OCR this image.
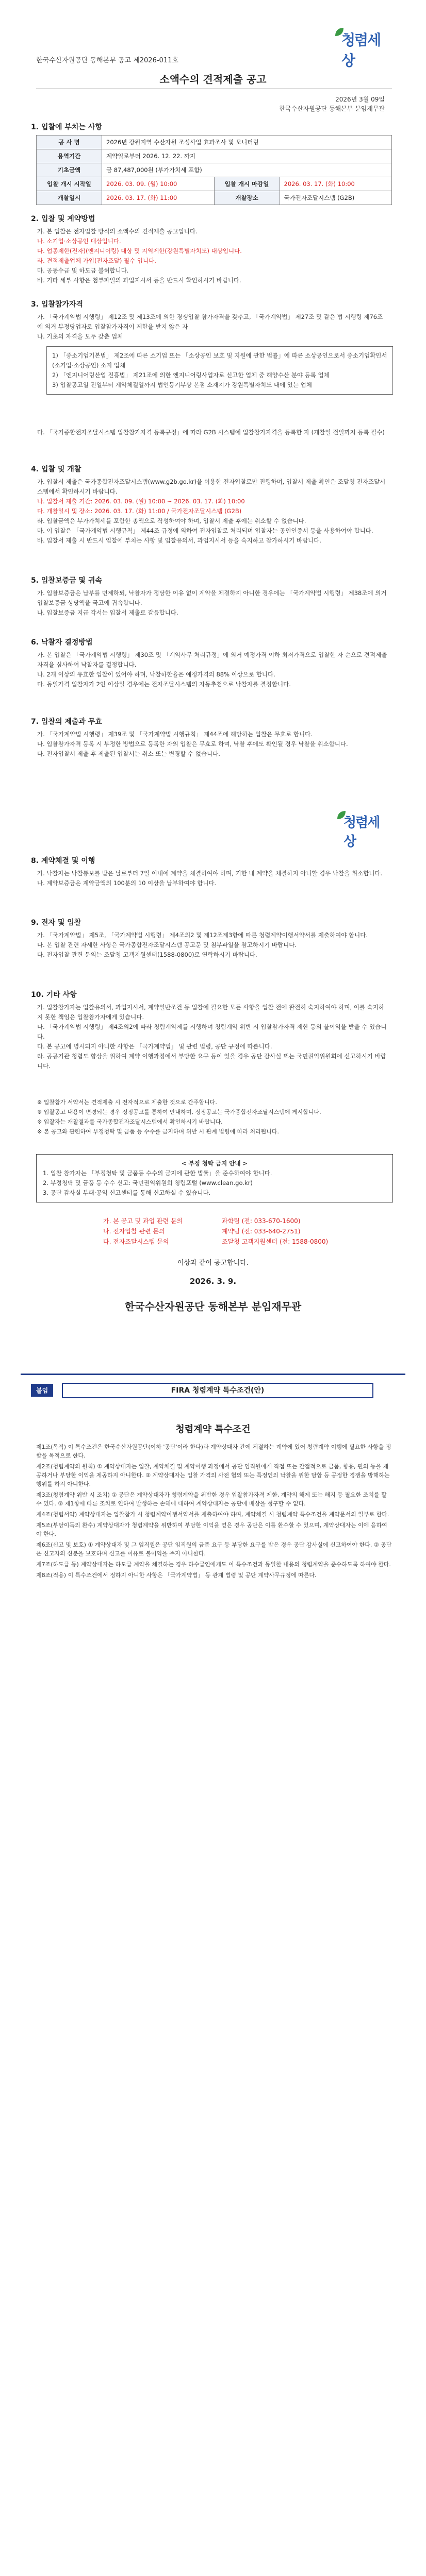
청렴세상
한국수산자원공단 동해본부 공고 제2026-011호
소액수의 견적제출 공고
2026년 3월 09일
한국수산자원공단 동해본부 분임재무관
1. 입찰에 부치는 사항
공 사 명	2026년 강원지역 수산자원 조성사업 효과조사 및 모니터링		
용역기간	계약일로부터 2026. 12. 22. 까지		
기초금액	금 87,487,000원 (부가가치세 포함)		
입찰 개시 시작일	2026. 03. 09. (월) 10:00	입찰 개시 마감일	2026. 03. 17. (화) 10:00
개찰일시	2026. 03. 17. (화) 11:00	개찰장소	국가전자조달시스템 (G2B)
2. 입찰 및 계약방법

가. 본 입찰은 전자입찰 방식의 소액수의 견적제출 공고입니다.

나. 소기업·소상공인 대상입니다.

다. 업종제한(전자)(엔지니어링) 대상 및 지역제한(강원특별자치도) 대상입니다.

라. 견적제출업체 가입(전자조달) 필수 입니다.

마. 공동수급 및 하도급 불허합니다.

바. 기타 세부 사항은 첨부파일의 과업지시서 등을 반드시 확인하시기 바랍니다.

3. 입찰참가자격

가. 「국가계약법 시행령」 제12조 및 제13조에 의한 경쟁입찰 참가자격을 갖추고, 「국가계약법」 제27조 및 같은 법 시행령 제76조에 의거 부정당업자로 입찰참가자격이 제한을 받지 않은 자

나. 기초의 자격을 모두 갖춘 업체

1) 「중소기업기본법」 제2조에 따른 소기업 또는 「소상공인 보호 및 지원에 관한 법률」에 따른 소상공인으로서 중소기업확인서(소기업·소상공인) 소지 업체

2) 「엔지니어링산업 진흥법」 제21조에 의한 엔지니어링사업자로 신고한 업체 중 해양수산 분야 등록 업체

3) 입찰공고일 전일부터 계약체결일까지 법인등기부상 본점 소재지가 강원특별자치도 내에 있는 업체

다. 「국가종합전자조달시스템 입찰참가자격 등록규정」에 따라 G2B 시스템에 입찰참가자격을 등록한 자 (개찰일 전일까지 등록 필수)

4. 입찰 및 개찰

가. 입찰서 제출은 국가종합전자조달시스템(www.g2b.go.kr)을 이용한 전자입찰로만 진행하며, 입찰서 제출 확인은 조달청 전자조달시스템에서 확인하시기 바랍니다.

나. 입찰서 제출 기간: 2026. 03. 09. (월) 10:00 ~ 2026. 03. 17. (화) 10:00

다. 개찰일시 및 장소: 2026. 03. 17. (화) 11:00 / 국가전자조달시스템 (G2B)

라. 입찰금액은 부가가치세를 포함한 총액으로 작성하여야 하며, 입찰서 제출 후에는 취소할 수 없습니다.

마. 이 입찰은 「국가계약법 시행규칙」 제44조 규정에 의하여 전자입찰로 처리되며 입찰자는 공인인증서 등을 사용하여야 합니다.

바. 입찰서 제출 시 반드시 입찰에 부치는 사항 및 입찰유의서, 과업지시서 등을 숙지하고 참가하시기 바랍니다.

5. 입찰보증금 및 귀속

가. 입찰보증금은 납부를 면제하되, 낙찰자가 정당한 이유 없이 계약을 체결하지 아니한 경우에는 「국가계약법 시행령」 제38조에 의거 입찰보증금 상당액을 국고에 귀속합니다.

나. 입찰보증금 지급 각서는 입찰서 제출로 갈음합니다.

6. 낙찰자 결정방법

가. 본 입찰은 「국가계약법 시행령」 제30조 및 「계약사무 처리규정」에 의거 예정가격 이하 최저가격으로 입찰한 자 순으로 견적제출 자격을 심사하여 낙찰자를 결정합니다.

나. 2개 이상의 유효한 입찰이 있어야 하며, 낙찰하한율은 예정가격의 88% 이상으로 합니다.

다. 동일가격 입찰자가 2인 이상일 경우에는 전자조달시스템의 자동추첨으로 낙찰자를 결정합니다.

7. 입찰의 제출과 무효

가. 「국가계약법 시행령」 제39조 및 「국가계약법 시행규칙」 제44조에 해당하는 입찰은 무효로 합니다.

나. 입찰참가자격 등록 시 부정한 방법으로 등록한 자의 입찰은 무효로 하며, 낙찰 후에도 확인될 경우 낙찰을 취소합니다.

다. 전자입찰서 제출 후 제출된 입찰서는 취소 또는 변경할 수 없습니다.

청렴세상
8. 계약체결 및 이행

가. 낙찰자는 낙찰통보를 받은 날로부터 7일 이내에 계약을 체결하여야 하며, 기한 내 계약을 체결하지 아니할 경우 낙찰을 취소합니다.

나. 계약보증금은 계약금액의 100분의 10 이상을 납부하여야 합니다.

9. 전자 및 입찰

가. 「국가계약법」 제5조, 「국가계약법 시행령」 제4조의2 및 제12조제3항에 따른 청렴계약이행서약서를 제출하여야 합니다.

나. 본 입찰 관련 자세한 사항은 국가종합전자조달시스템 공고문 및 첨부파일을 참고하시기 바랍니다.

다. 전자입찰 관련 문의는 조달청 고객지원센터(1588-0800)로 연락하시기 바랍니다.

10. 기타 사항

가. 입찰참가자는 입찰유의서, 과업지시서, 계약일반조건 등 입찰에 필요한 모든 사항을 입찰 전에 완전히 숙지하여야 하며, 이를 숙지하지 못한 책임은 입찰참가자에게 있습니다.

나. 「국가계약법 시행령」 제4조의2에 따라 청렴계약제를 시행하며 청렴계약 위반 시 입찰참가자격 제한 등의 불이익을 받을 수 있습니다.

다. 본 공고에 명시되지 아니한 사항은 「국가계약법」 및 관련 법령, 공단 규정에 따릅니다.

라. 공공기관 청렴도 향상을 위하여 계약 이행과정에서 부당한 요구 등이 있을 경우 공단 감사실 또는 국민권익위원회에 신고하시기 바랍니다.

※ 입찰참가 서약서는 견적제출 시 전자적으로 제출한 것으로 간주합니다.

※ 입찰공고 내용이 변경되는 경우 정정공고를 통하여 안내하며, 정정공고는 국가종합전자조달시스템에 게시합니다.

※ 입찰자는 개찰결과를 국가종합전자조달시스템에서 확인하시기 바랍니다.

※ 본 공고와 관련하여 부정청탁 및 금품 등 수수를 금지하며 위반 시 관계 법령에 따라 처리됩니다.

< 부정 청탁 금지 안내 >

1. 입찰 참가자는 「부정청탁 및 금품등 수수의 금지에 관한 법률」을 준수하여야 합니다.

2. 부정청탁 및 금품 등 수수 신고: 국민권익위원회 청렴포털 (www.clean.go.kr)

3. 공단 감사실 부패·공익 신고센터를 통해 신고하실 수 있습니다.

가. 본 공고 및 과업 관련 문의	과학팀 (전: 033-670-1600)
나. 전자입찰 관련 문의	계약팀 (전: 033-640-2751)
다. 전자조달시스템 문의	조달청 고객지원센터 (전: 1588-0800)
이상과 같이 공고합니다.
2026. 3. 9.
한국수산자원공단 동해본부 분임재무관
붙임	FIRA 청렴계약 특수조건(안)
청렴계약 특수조건

제1조(목적) 이 특수조건은 한국수산자원공단(이하 '공단'이라 한다)과 계약상대자 간에 체결하는 계약에 있어 청렴계약 이행에 필요한 사항을 정함을 목적으로 한다.

제2조(청렴계약의 원칙) ① 계약상대자는 입찰, 계약체결 및 계약이행 과정에서 공단 임직원에게 직접 또는 간접적으로 금품, 향응, 편의 등을 제공하거나 부당한 이익을 제공하지 아니한다. ② 계약상대자는 입찰 가격의 사전 협의 또는 특정인의 낙찰을 위한 담합 등 공정한 경쟁을 방해하는 행위를 하지 아니한다.

제3조(청렴계약 위반 시 조치) ① 공단은 계약상대자가 청렴계약을 위반한 경우 입찰참가자격 제한, 계약의 해제 또는 해지 등 필요한 조치를 할 수 있다. ② 제1항에 따른 조치로 인하여 발생하는 손해에 대하여 계약상대자는 공단에 배상을 청구할 수 없다.

제4조(청렴서약) 계약상대자는 입찰참가 시 청렴계약이행서약서를 제출하여야 하며, 계약체결 시 청렴계약 특수조건을 계약문서의 일부로 한다.

제5조(부당이득의 환수) 계약상대자가 청렴계약을 위반하여 부당한 이익을 얻은 경우 공단은 이를 환수할 수 있으며, 계약상대자는 이에 응하여야 한다.

제6조(신고 및 보호) ① 계약상대자 및 그 임직원은 공단 임직원의 금품 요구 등 부당한 요구를 받은 경우 공단 감사실에 신고하여야 한다. ② 공단은 신고자의 신분을 보호하며 신고를 이유로 불이익을 주지 아니한다.

제7조(하도급 등) 계약상대자는 하도급 계약을 체결하는 경우 하수급인에게도 이 특수조건과 동일한 내용의 청렴계약을 준수하도록 하여야 한다.

제8조(적용) 이 특수조건에서 정하지 아니한 사항은 「국가계약법」 등 관계 법령 및 공단 계약사무규정에 따른다.
